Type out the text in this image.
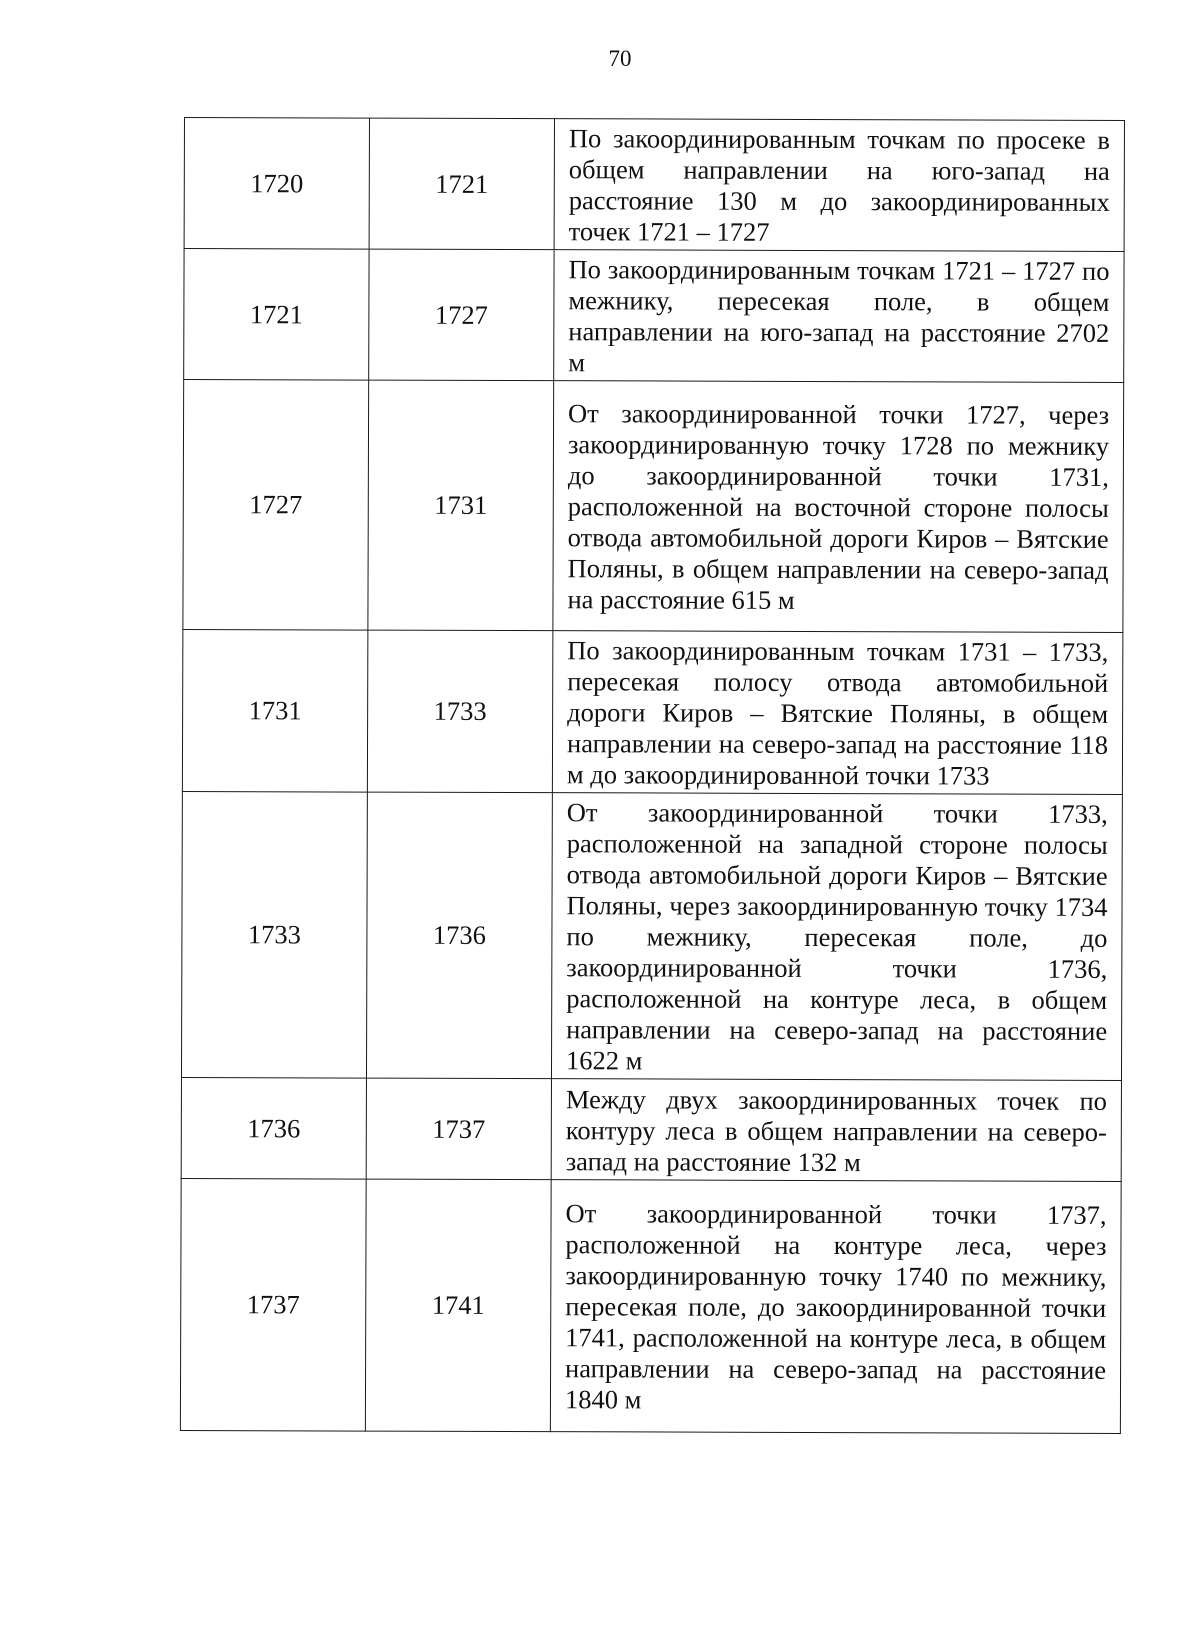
70
1720	1721	По закоординированным точкам по просеке в общем направлении на юго-запад на расстояние 130 м до закоординированных точек 1721 – 1727

1721	1727	По закоординированным точкам 1721 – 1727 по межнику, пересекая поле, в общем направлении на юго-запад на расстояние 2702 м

1727	1731	От закоординированной точки 1727, через закоординированную точку 1728 по межнику до закоординированной точки 1731, расположенной на восточной стороне полосы отвода автомобильной дороги Киров – Вятские Поляны, в общем направлении на северо-запад на расстояние 615 м

1731	1733	По закоординированным точкам 1731 – 1733, пересекая полосу отвода автомобильной дороги Киров – Вятские Поляны, в общем направлении на северо-запад на расстояние 118 м до закоординированной точки 1733

1733	1736	От закоординированной точки 1733, расположенной на западной стороне полосы отвода автомобильной дороги Киров – Вятские Поляны, через закоординированную точку 1734 по межнику, пересекая поле, до закоординированной точки 1736, расположенной на контуре леса, в общем направлении на северо-запад на расстояние 1622 м

1736	1737	Между двух закоординированных точек по контуру леса в общем направлении на северо-запад на расстояние 132 м

1737	1741	От закоординированной точки 1737, расположенной на контуре леса, через закоординированную точку 1740 по межнику, пересекая поле, до закоординированной точки 1741, расположенной на контуре леса, в общем направлении на северо-запад на расстояние 1840 м
